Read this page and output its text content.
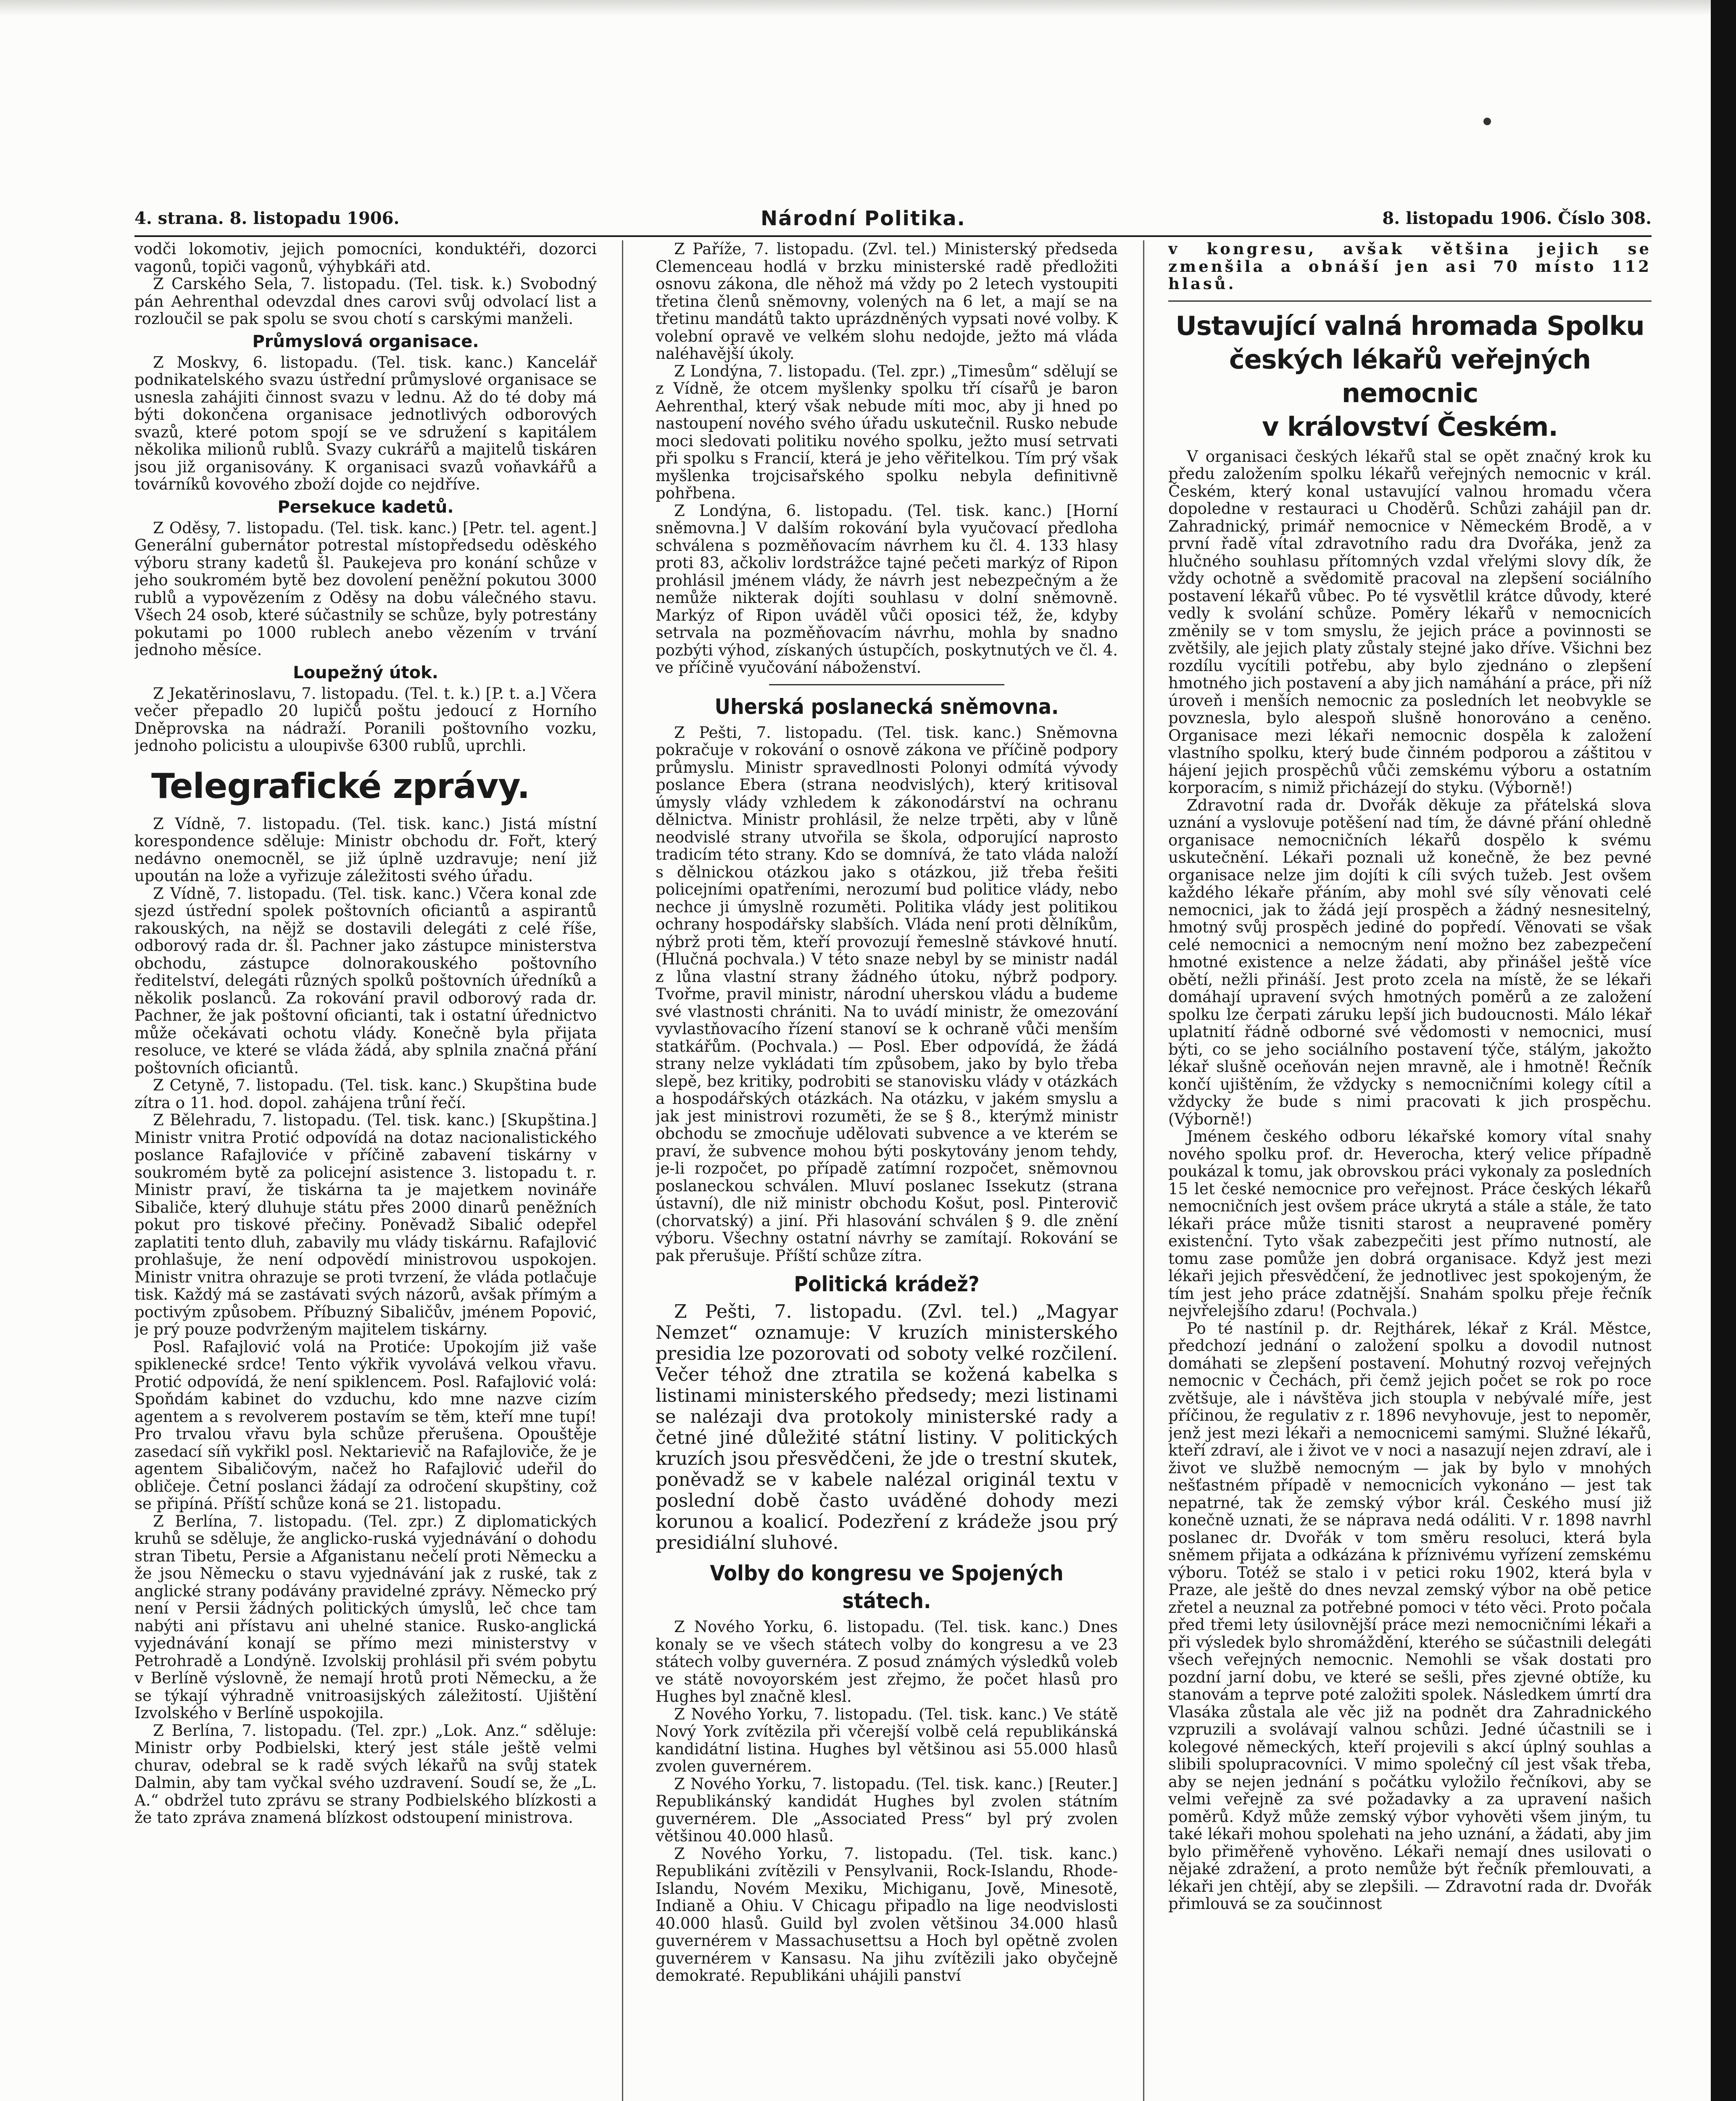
4. strana. 8. listopadu 1906.	Národní Politika.	8. listopadu 1906. Číslo 308.

vodči lokomotiv, jejich pomocníci, konduktéři, dozorci vagonů, topiči vagonů, výhybkáři atd.

Z Carského Sela, 7. listopadu. (Tel. tisk. k.) Svobodný pán Aehrenthal odevzdal dnes carovi svůj odvolací list a rozloučil se pak spolu se svou chotí s carskými manželi.

Průmyslová organisace.

Z Moskvy, 6. listopadu. (Tel. tisk. kanc.) Kancelář podnikatelského svazu ústřední průmyslové organisace se usnesla zahájiti činnost svazu v lednu. Až do té doby má býti dokončena organisace jednotlivých odborových svazů, které potom spojí se ve sdružení s kapitálem několika milionů rublů. Svazy cukrářů a majitelů tiskáren jsou již organisovány. K organisaci svazů voňavkářů a továrníků kovového zboží dojde co nejdříve.

Persekuce kadetů.

Z Oděsy, 7. listopadu. (Tel. tisk. kanc.) [Petr. tel. agent.] Generální gubernátor potrestal místopředsedu oděského výboru strany kadetů šl. Paukejeva pro konání schůze v jeho soukromém bytě bez dovolení peněžní pokutou 3000 rublů a vypovězením z Oděsy na dobu válečného stavu. Všech 24 osob, které súčastnily se schůze, byly potrestány pokutami po 1000 rublech anebo vězením v trvání jednoho měsíce.

Loupežný útok.

Z Jekatěrinoslavu, 7. listopadu. (Tel. t. k.) [P. t. a.] Včera večer přepadlo 20 lupičů poštu jedoucí z Horního Dněprovska na nádraží. Poranili poštovního vozku, jednoho policistu a uloupivše 6300 rublů, uprchli.

Telegrafické zprávy.

Z Vídně, 7. listopadu. (Tel. tisk. kanc.) Jistá místní korespondence sděluje: Ministr obchodu dr. Fořt, který nedávno onemocněl, se již úplně uzdravuje; není již upoután na lože a vyřizuje záležitosti svého úřadu.

Z Vídně, 7. listopadu. (Tel. tisk. kanc.) Včera konal zde sjezd ústřední spolek poštovních oficiantů a aspirantů rakouských, na nějž se dostavili delegáti z celé říše, odborový rada dr. šl. Pachner jako zástupce ministerstva obchodu, zástupce dolnorakouského poštovního ředitelství, delegáti různých spolků poštovních úředníků a několik poslanců. Za rokování pravil odborový rada dr. Pachner, že jak poštovní oficianti, tak i ostatní úřednictvo může očekávati ochotu vlády. Konečně byla přijata resoluce, ve které se vláda žádá, aby splnila značná přání poštovních oficiantů.

Z Cetyně, 7. listopadu. (Tel. tisk. kanc.) Skupština bude zítra o 11. hod. dopol. zahájena trůní řečí.

Z Bělehradu, 7. listopadu. (Tel. tisk. kanc.) [Skupština.] Ministr vnitra Protić odpovídá na dotaz nacionalistického poslance Rafajloviće v příčině zabavení tiskárny v soukromém bytě za policejní asistence 3. listopadu t. r. Ministr praví, že tiskárna ta je majetkem novináře Sibaliče, který dluhuje státu přes 2000 dinarů peněžních pokut pro tiskové přečiny. Poněvadž Sibalić odepřel zaplatiti tento dluh, zabavily mu vlády tiskárnu. Rafajlović prohlašuje, že není odpovědí ministrovou uspokojen. Ministr vnitra ohrazuje se proti tvrzení, že vláda potlačuje tisk. Každý má se zastávati svých názorů, avšak přímým a poctivým způsobem. Příbuzný Sibaličův, jménem Popović, je prý pouze podvrženým majitelem tiskárny.

Posl. Rafajlović volá na Protiće: Upokojím již vaše spiklenecké srdce! Tento výkřik vyvolává velkou vřavu. Protić odpovídá, že není spiklencem. Posl. Rafajlović volá: Spoňdám kabinet do vzduchu, kdo mne nazve cizím agentem a s revolverem postavím se těm, kteří mne tupí! Pro trvalou vřavu byla schůze přerušena. Opouštěje zasedací síň vykřikl posl. Nektarievič na Rafajloviče, že je agentem Sibaličovým, načež ho Rafajlović udeřil do obličeje. Četní poslanci žádají za odročení skupštiny, což se připíná. Příští schůze koná se 21. listopadu.

Z Berlína, 7. listopadu. (Tel. zpr.) Z diplomatických kruhů se sděluje, že anglicko-ruská vyjednávání o dohodu stran Tibetu, Persie a Afganistanu nečelí proti Německu a že jsou Německu o stavu vyjednávání jak z ruské, tak z anglické strany podávány pravidelné zprávy. Německo prý není v Persii žádných politických úmyslů, leč chce tam nabýti ani přístavu ani uhelné stanice. Rusko-anglická vyjednávání konají se přímo mezi ministerstvy v Petrohradě a Londýně. Izvolskij prohlásil při svém pobytu v Berlíně výslovně, že nemají hrotů proti Německu, a že se týkají výhradně vnitroasijských záležitostí. Ujištění Izvolského v Berlíně uspokojila.

Z Berlína, 7. listopadu. (Tel. zpr.) „Lok. Anz.“ sděluje: Ministr orby Podbielski, který jest stále ještě velmi churav, odebral se k radě svých lékařů na svůj statek Dalmin, aby tam vyčkal svého uzdravení. Soudí se, že „L. A.“ obdržel tuto zprávu se strany Podbielského blízkosti a že tato zpráva znamená blízkost odstoupení ministrova.

Z Paříže, 7. listopadu. (Zvl. tel.) Ministerský předseda Clemenceau hodlá v brzku ministerské radě předložiti osnovu zákona, dle něhož má vždy po 2 letech vystoupiti třetina členů sněmovny, volených na 6 let, a mají se na třetinu mandátů takto uprázdněných vypsati nové volby. K volební opravě ve velkém slohu nedojde, ježto má vláda naléhavější úkoly.

Z Londýna, 7. listopadu. (Tel. zpr.) „Timesům“ sdělují se z Vídně, že otcem myšlenky spolku tří císařů je baron Aehrenthal, který však nebude míti moc, aby ji hned po nastoupení nového svého úřadu uskutečnil. Rusko nebude moci sledovati politiku nového spolku, ježto musí setrvati při spolku s Francií, která je jeho věřitelkou. Tím prý však myšlenka trojcisařského spolku nebyla definitivně pohřbena.

Z Londýna, 6. listopadu. (Tel. tisk. kanc.) [Horní sněmovna.] V dalším rokování byla vyučovací předloha schválena s pozměňovacím návrhem ku čl. 4. 133 hlasy proti 83, ačkoliv lordstrážce tajné pečeti markýz of Ripon prohlásil jménem vlády, že návrh jest nebezpečným a že nemůže nikterak dojíti souhlasu v dolní sněmovně. Markýz of Ripon uváděl vůči oposici též, že, kdyby setrvala na pozměňovacím návrhu, mohla by snadno pozbýti výhod, získaných ústupčích, poskytnutých ve čl. 4. ve příčině vyučování náboženství.

Uherská poslanecká sněmovna.

Z Pešti, 7. listopadu. (Tel. tisk. kanc.) Sněmovna pokračuje v rokování o osnově zákona ve příčině podpory průmyslu. Ministr spravedlnosti Polonyi odmítá vývody poslance Ebera (strana neodvislých), který kritisoval úmysly vlády vzhledem k zákonodárství na ochranu dělnictva. Ministr prohlásil, že nelze trpěti, aby v lůně neodvislé strany utvořila se škola, odporující naprosto tradicím této strany. Kdo se domnívá, že tato vláda naloží s dělnickou otázkou jako s otázkou, již třeba řešiti policejními opatřeními, nerozumí bud politice vlády, nebo nechce ji úmyslně rozuměti. Politika vlády jest politikou ochrany hospodářsky slabších. Vláda není proti dělníkům, nýbrž proti těm, kteří provozují řemeslně stávkové hnutí. (Hlučná pochvala.) V této snaze nebyl by se ministr nadál z lůna vlastní strany žádného útoku, nýbrž podpory. Tvořme, pravil ministr, národní uherskou vládu a budeme své vlastnosti chrániti. Na to uvádí ministr, že omezování vyvlastňovacího řízení stanoví se k ochraně vůči menším statkářům. (Pochvala.) — Posl. Eber odpovídá, že žádá strany nelze vykládati tím způsobem, jako by bylo třeba slepě, bez kritiky, podrobiti se stanovisku vlády v otázkách a hospodářských otázkách. Na otázku, v jakém smyslu a jak jest ministrovi rozuměti, že se § 8., kterýmž ministr obchodu se zmocňuje udělovati subvence a ve kterém se praví, že subvence mohou býti poskytovány jenom tehdy, je-li rozpočet, po případě zatímní rozpočet, sněmovnou poslaneckou schválen. Mluví poslanec Issekutz (strana ústavní), dle niž ministr obchodu Košut, posl. Pinterovič (chorvatský) a jiní. Při hlasování schválen § 9. dle znění výboru. Všechny ostatní návrhy se zamítají. Rokování se pak přerušuje. Příští schůze zítra.

Politická krádež?

Z Pešti, 7. listopadu. (Zvl. tel.) „Magyar Nemzet“ oznamuje: V kruzích ministerského presidia lze pozorovati od soboty velké rozčilení. Večer téhož dne ztratila se kožená kabelka s listinami ministerského předsedy; mezi listinami se nalézaji dva protokoly ministerské rady a četné jiné důležité státní listiny. V politických kruzích jsou přesvědčeni, že jde o trestní skutek, poněvadž se v kabele nalézal originál textu v poslední době často uváděné dohody mezi korunou a koalicí. Podezření z krádeže jsou prý presidiální sluhové.

Volby do kongresu ve Spojených státech.

Z Nového Yorku, 6. listopadu. (Tel. tisk. kanc.) Dnes konaly se ve všech státech volby do kongresu a ve 23 státech volby guvernéra. Z posud známých výsledků voleb ve státě novoyorském jest zřejmo, že počet hlasů pro Hughes byl značně klesl.

Z Nového Yorku, 7. listopadu. (Tel. tisk. kanc.) Ve státě Nový York zvítězila při včerejší volbě celá republikánská kandidátní listina. Hughes byl většinou asi 55.000 hlasů zvolen guvernérem.

Z Nového Yorku, 7. listopadu. (Tel. tisk. kanc.) [Reuter.] Republikánský kandidát Hughes byl zvolen státním guvernérem. Dle „Associated Press“ byl prý zvolen většinou 40.000 hlasů.

Z Nového Yorku, 7. listopadu. (Tel. tisk. kanc.) Republikáni zvítězili v Pensylvanii, Rock-Islandu, Rhode-Islandu, Novém Mexiku, Michiganu, Jově, Minesotě, Indianě a Ohiu. V Chicagu připadlo na lige neodvislosti 40.000 hlasů. Guild byl zvolen většinou 34.000 hlasů guvernérem v Massachusettsu a Hoch byl opětně zvolen guvernérem v Kansasu. Na jihu zvítězili jako obyčejně demokraté. Republikáni uhájili panství

v kongresu, avšak většina jejich se zmenšila a obnáší jen asi 70 místo 112 hlasů.

Ustavující valná hromada Spolku
českých lékařů veřejných nemocnic
v království Českém.

V organisaci českých lékařů stal se opět značný krok ku předu založením spolku lékařů veřejných nemocnic v král. Českém, který konal ustavující valnou hromadu včera dopoledne v restauraci u Choděrů. Schůzi zahájil pan dr. Zahradnický, primář nemocnice v Německém Brodě, a v první řadě vítal zdravotního radu dra Dvořáka, jenž za hlučného souhlasu přítomných vzdal vřelými slovy dík, že vždy ochotně a svědomitě pracoval na zlepšení sociálního postavení lékařů vůbec. Po té vysvětlil krátce důvody, které vedly k svolání schůze. Poměry lékařů v nemocnicích změnily se v tom smyslu, že jejich práce a povinnosti se zvětšily, ale jejich platy zůstaly stejné jako dříve. Všichni bez rozdílu vycítili potřebu, aby bylo zjednáno o zlepšení hmotného jich postavení a aby jich namáhání a práce, při níž úroveň i menších nemocnic za posledních let neobvykle se povznesla, bylo alespoň slušně honorováno a ceněno. Organisace mezi lékaři nemocnic dospěla k založení vlastního spolku, který bude činném podporou a záštitou v hájení jejich prospěchů vůči zemskému výboru a ostatním korporacím, s nimiž přicházejí do styku. (Výborně!)

Zdravotní rada dr. Dvořák děkuje za přátelská slova uznání a vyslovuje potěšení nad tím, že dávné přání ohledně organisace nemocničních lékařů dospělo k svému uskutečnění. Lékaři poznali už konečně, že bez pevné organisace nelze jim dojíti k cíli svých tužeb. Jest ovšem každého lékaře přáním, aby mohl své síly věnovati celé nemocnici, jak to žádá její prospěch a žádný nesnesitelný, hmotný svůj prospěch jediné do popředí. Věnovati se však celé nemocnici a nemocným není možno bez zabezpečení hmotné existence a nelze žádati, aby přinášel ještě více obětí, nežli přináší. Jest proto zcela na místě, že se lékaři domáhají upravení svých hmotných poměrů a ze založení spolku lze čerpati záruku lepší jich budoucnosti. Málo lékař uplatnití řádně odborné své vědomosti v nemocnici, musí býti, co se jeho sociálního postavení týče, stálým, jakožto lékař slušně oceňován nejen mravně, ale i hmotně! Řečník končí ujištěním, že vždycky s nemocničními kolegy cítil a vždycky že bude s nimi pracovati k jich prospěchu. (Výborně!)

Jménem českého odboru lékařské komory vítal snahy nového spolku prof. dr. Heverocha, který velice případně poukázal k tomu, jak obrovskou práci vykonaly za posledních 15 let české nemocnice pro veřejnost. Práce českých lékařů nemocničních jest ovšem práce ukrytá a stále a stále, že tato lékaři práce může tisniti starost a neupravené poměry existenční. Tyto však zabezpečiti jest přímo nutností, ale tomu zase pomůže jen dobrá organisace. Když jest mezi lékaři jejich přesvědčení, že jednotlivec jest spokojeným, že tím jest jeho práce zdatnější. Snahám spolku přeje řečník nejvřelejšího zdaru! (Pochvala.)

Po té nastínil p. dr. Rejthárek, lékař z Král. Městce, předchozí jednání o založení spolku a dovodil nutnost domáhati se zlepšení postavení. Mohutný rozvoj veřejných nemocnic v Čechách, při čemž jejich počet se rok po roce zvětšuje, ale i návštěva jich stoupla v nebývalé míře, jest příčinou, že regulativ z r. 1896 nevyhovuje, jest to nepoměr, jenž jest mezi lékaři a nemocnicemi samými. Služné lékařů, kteří zdraví, ale i život ve v noci a nasazují nejen zdraví, ale i život ve službě nemocným — jak by bylo v mnohých nešťastném případě v nemocnicích vykonáno — jest tak nepatrné, tak že zemský výbor král. Českého musí již konečně uznati, že se náprava nedá odáliti. V r. 1898 navrhl poslanec dr. Dvořák v tom směru resoluci, která byla sněmem přijata a odkázána k příznivému vyřízení zemskému výboru. Totéž se stalo i v petici roku 1902, která byla v Praze, ale ještě do dnes nevzal zemský výbor na obě petice zřetel a neuznal za potřebné pomoci v této věci. Proto počala před třemi lety úsilovnější práce mezi nemocničními lékaři a při výsledek bylo shromáždění, kterého se súčastnili delegáti všech veřejných nemocnic. Nemohli se však dostati pro pozdní jarní dobu, ve které se sešli, přes zjevné obtíže, ku stanovám a teprve poté založiti spolek. Následkem úmrtí dra Vlasáka zůstala ale věc již na podnět dra Zahradnického vzpruzili a svolávají valnou schůzi. Jedné účastnili se i kolegové německých, kteří projevili s akcí úplný souhlas a slibili spolupracovníci. V mimo společný cíl jest však třeba, aby se nejen jednání s počátku vyložilo řečníkovi, aby se velmi veřejně za své požadavky a za upravení našich poměrů. Když může zemský výbor vyhověti všem jiným, tu také lékaři mohou spolehati na jeho uznání, a žádati, aby jim bylo přiměřeně vyhověno. Lékaři nemají dnes usilovati o nějaké zdražení, a proto nemůže být řečník přemlouvati, a lékaři jen chtějí, aby se zlepšili. — Zdravotní rada dr. Dvořák přimlouvá se za součinnost
